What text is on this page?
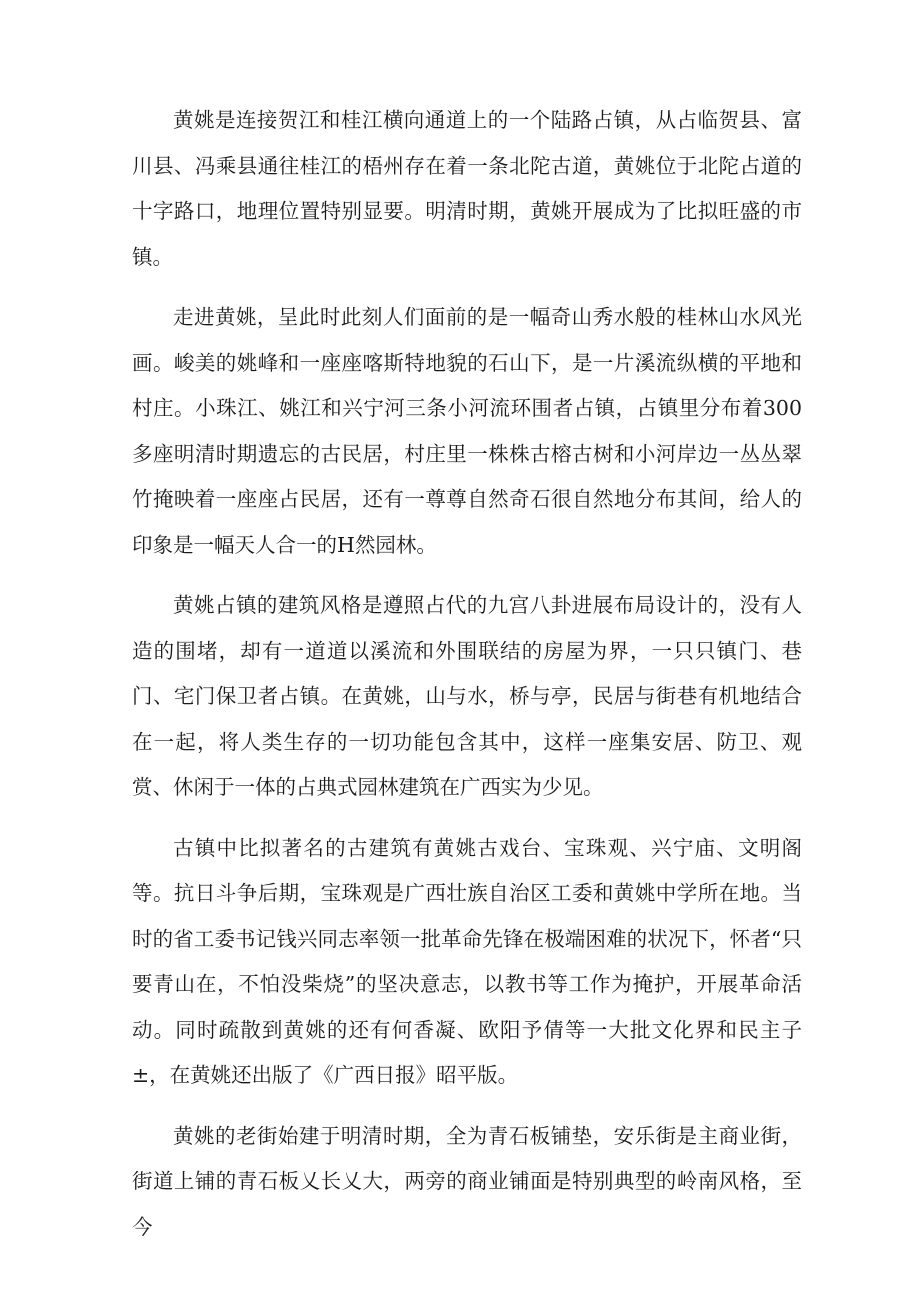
黄姚是连接贺江和桂江横向通道上的一个陆路占镇，从占临贺县、富川县、冯乘县通往桂江的梧州存在着一条北陀古道，黄姚位于北陀占道的十字路口，地理位置特别显要。明清时期，黄姚开展成为了比拟旺盛的市镇。

走进黄姚，呈此时此刻人们面前的是一幅奇山秀水般的桂林山水风光画。峻美的姚峰和一座座喀斯特地貌的石山下，是一片溪流纵横的平地和村庄。小珠江、姚江和兴宁河三条小河流环围者占镇，占镇里分布着300多座明清时期遗忘的古民居，村庄里一株株古榕古树和小河岸边一丛丛翠竹掩映着一座座占民居，还有一尊尊自然奇石很自然地分布其间，给人的印象是一幅天人合一的H然园林。

黄姚占镇的建筑风格是遵照占代的九宫八卦进展布局设计的，没有人造的围堵，却有一道道以溪流和外围联结的房屋为界，一只只镇门、巷门、宅门保卫者占镇。在黄姚，山与水，桥与亭，民居与街巷有机地结合在一起，将人类生存的一切功能包含其中，这样一座集安居、防卫、观赏、休闲于一体的占典式园林建筑在广西实为少见。

古镇中比拟著名的古建筑有黄姚古戏台、宝珠观、兴宁庙、文明阁等。抗日斗争后期，宝珠观是广西壮族自治区工委和黄姚中学所在地。当时的省工委书记钱兴同志率领一批革命先锋在极端困难的状况下，怀者“只要青山在，不怕没柴烧”的坚决意志，以教书等工作为掩护，开展革命活动。同时疏散到黄姚的还有何香凝、欧阳予倩等一大批文化界和民主子±，在黄姚还出版了《广西日报》昭平版。

黄姚的老街始建于明清时期，全为青石板铺垫，安乐街是主商业街，街道上铺的青石板乂长乂大，两旁的商业铺面是特别典型的岭南风格，至今
